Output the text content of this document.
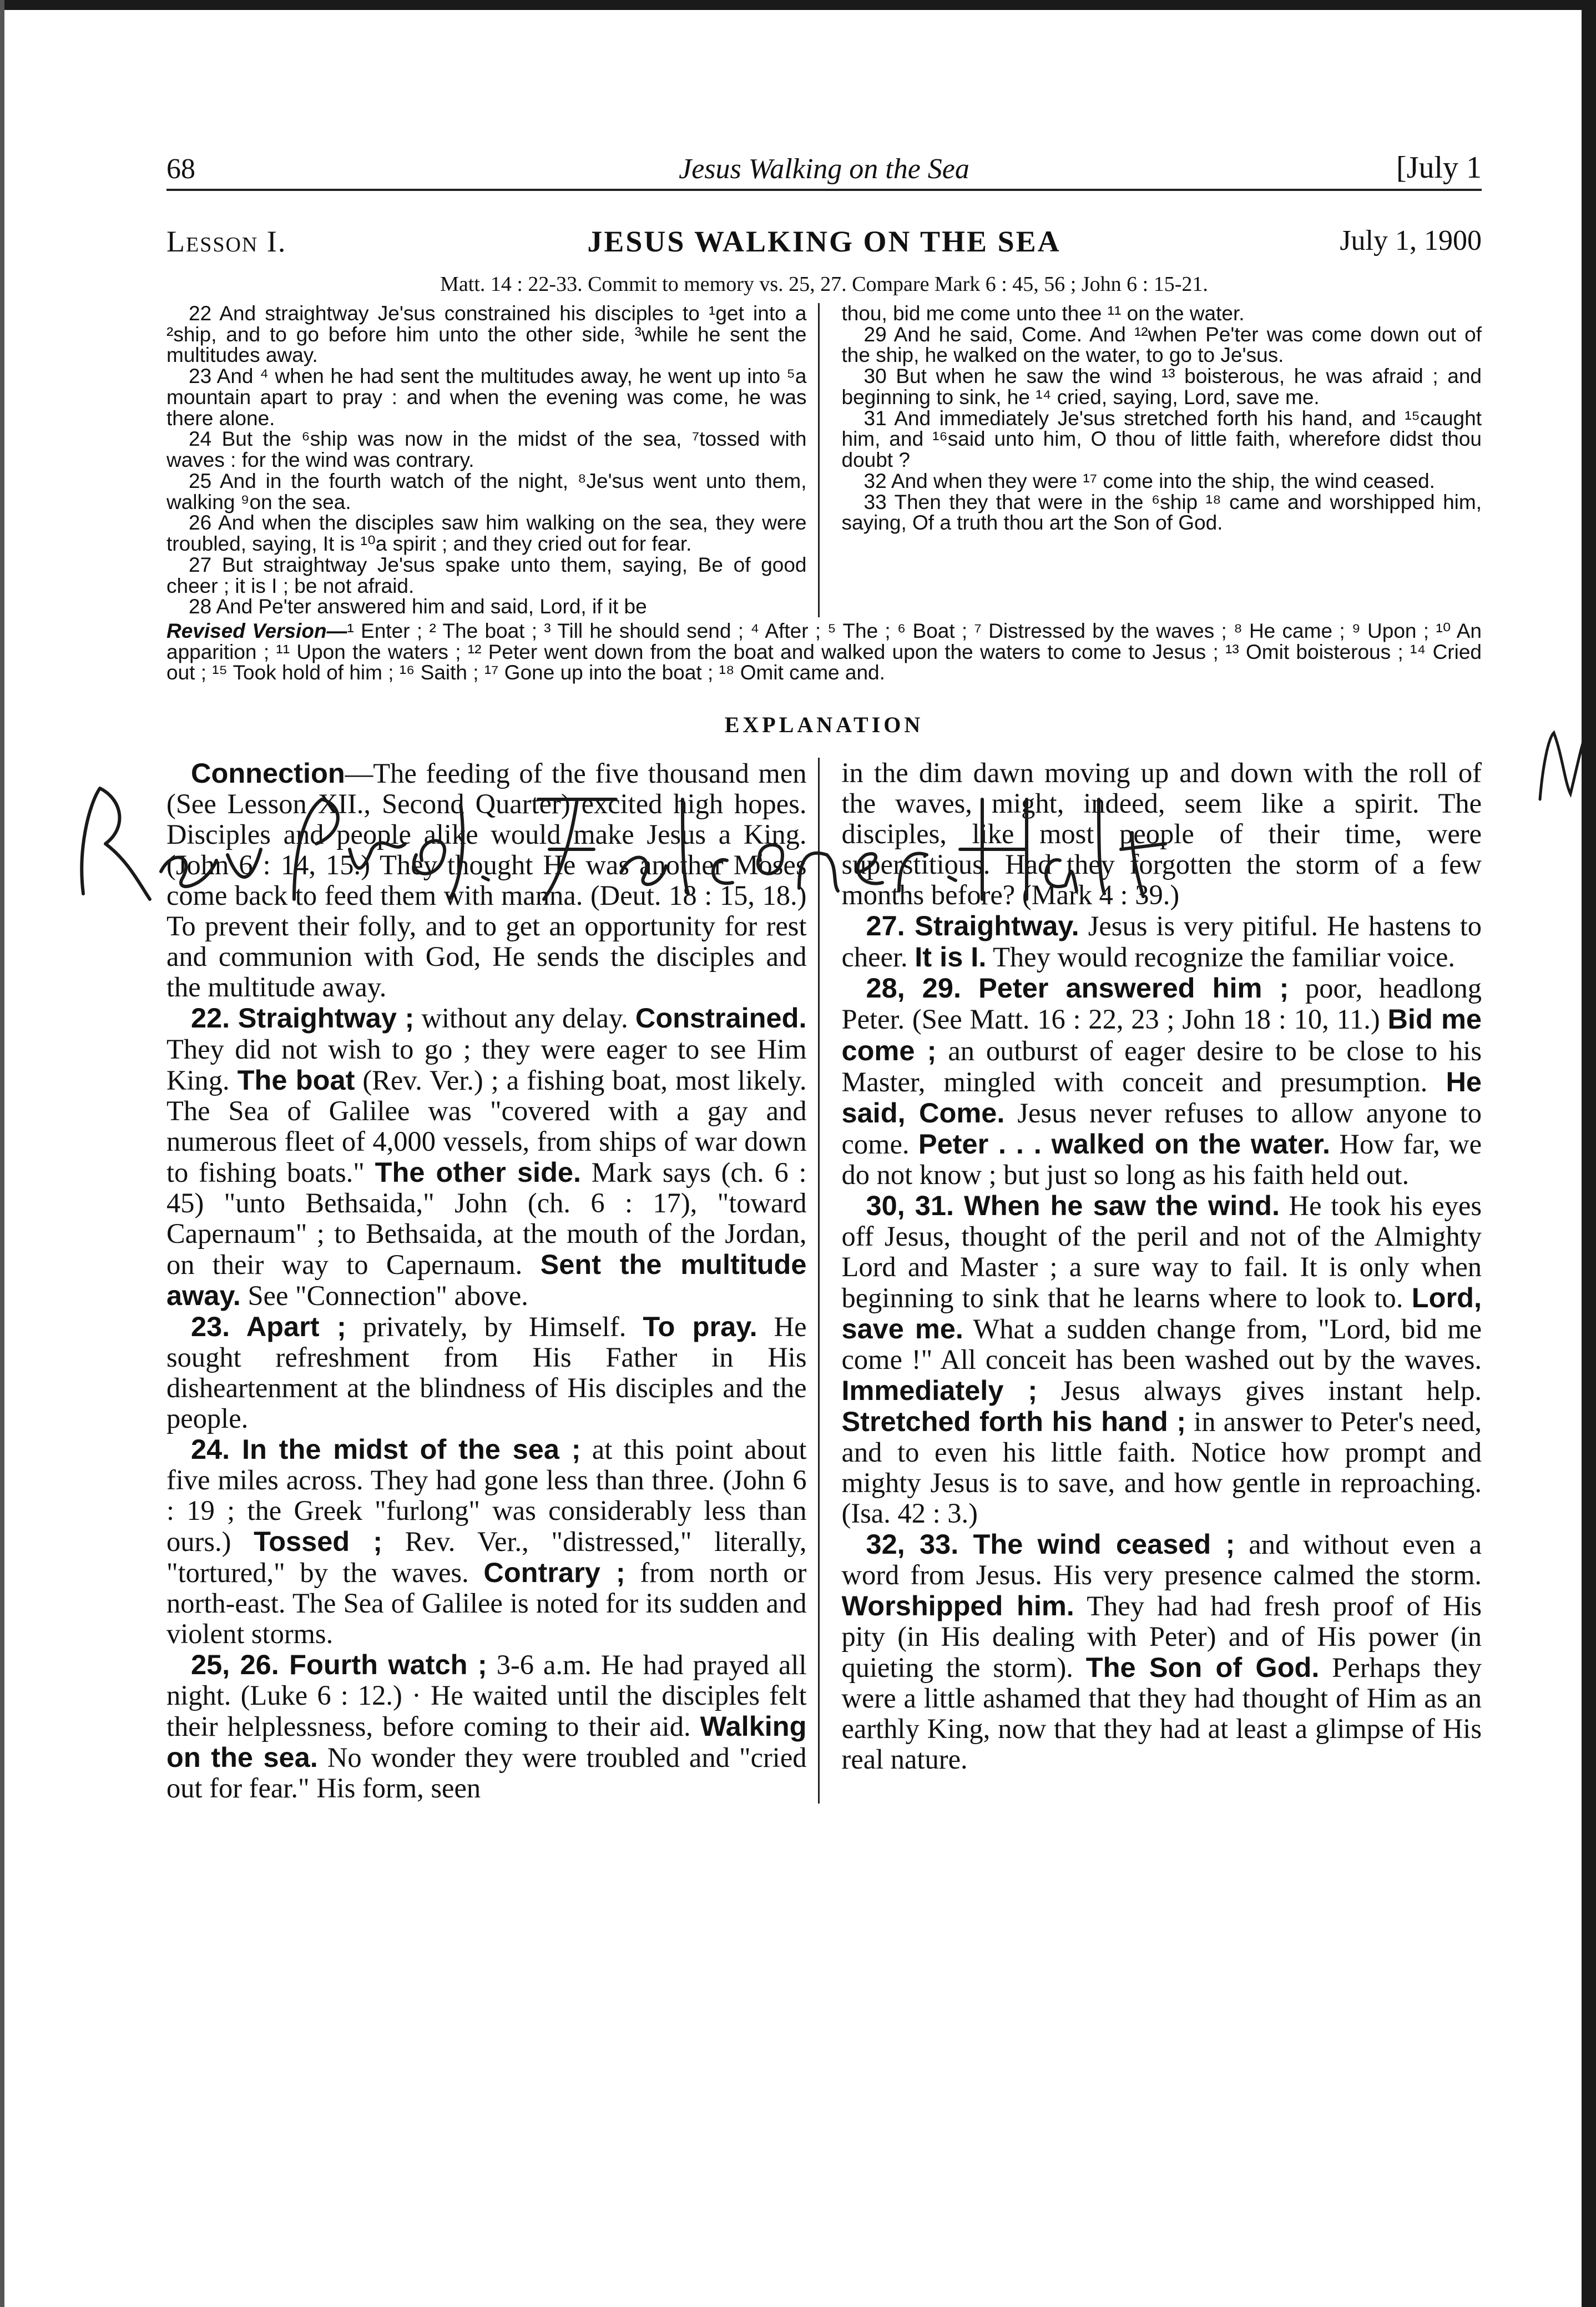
68	Jesus Walking on the Sea	[July 1
Lesson I.	JESUS WALKING ON THE SEA	July 1, 1900
Matt. 14 : 22-33. Commit to memory vs. 25, 27. Compare Mark 6 : 45, 56 ; John 6 : 15-21.

22 And straightway Je'sus constrained his disciples to ¹get into a ²ship, and to go before him unto the other side, ³while he sent the multitudes away.

23 And ⁴ when he had sent the multitudes away, he went up into ⁵a mountain apart to pray : and when the evening was come, he was there alone.

24 But the ⁶ship was now in the midst of the sea, ⁷tossed with waves : for the wind was contrary.

25 And in the fourth watch of the night, ⁸Je'sus went unto them, walking ⁹on the sea.

26 And when the disciples saw him walking on the sea, they were troubled, saying, It is ¹⁰a spirit ; and they cried out for fear.

27 But straightway Je'sus spake unto them, saying, Be of good cheer ; it is I ; be not afraid.

28 And Pe'ter answered him and said, Lord, if it be

thou, bid me come unto thee ¹¹ on the water.

29 And he said, Come. And ¹²when Pe'ter was come down out of the ship, he walked on the water, to go to Je'sus.

30 But when he saw the wind ¹³ boisterous, he was afraid ; and beginning to sink, he ¹⁴ cried, saying, Lord, save me.

31 And immediately Je'sus stretched forth his hand, and ¹⁵caught him, and ¹⁶said unto him, O thou of little faith, wherefore didst thou doubt ?

32 And when they were ¹⁷ come into the ship, the wind ceased.

33 Then they that were in the ⁶ship ¹⁸ came and worshipped him, saying, Of a truth thou art the Son of God.

Revised Version—¹ Enter ; ² The boat ; ³ Till he should send ; ⁴ After ; ⁵ The ; ⁶ Boat ; ⁷ Distressed by the waves ; ⁸ He came ; ⁹ Upon ; ¹⁰ An apparition ; ¹¹ Upon the waters ; ¹² Peter went down from the boat and walked upon the waters to come to Jesus ; ¹³ Omit boisterous ; ¹⁴ Cried out ; ¹⁵ Took hold of him ; ¹⁶ Saith ; ¹⁷ Gone up into the boat ; ¹⁸ Omit came and.
EXPLANATION

Connection—The feeding of the five thousand men (See Lesson XII., Second Quarter) excited high hopes. Disciples and people alike would make Jesus a King. (John 6 : 14, 15.) They thought He was another Moses come back to feed them with manna. (Deut. 18 : 15, 18.) To prevent their folly, and to get an opportunity for rest and communion with God, He sends the disciples and the multitude away.

22. Straightway ; without any delay. Constrained. They did not wish to go ; they were eager to see Him King. The boat (Rev. Ver.) ; a fishing boat, most likely. The Sea of Galilee was "covered with a gay and numerous fleet of 4,000 vessels, from ships of war down to fishing boats." The other side. Mark says (ch. 6 : 45) "unto Bethsaida," John (ch. 6 : 17), "toward Capernaum" ; to Bethsaida, at the mouth of the Jordan, on their way to Capernaum. Sent the multitude away. See "Connection" above.

23. Apart ; privately, by Himself. To pray. He sought refreshment from His Father in His disheartenment at the blindness of His disciples and the people.

24. In the midst of the sea ; at this point about five miles across. They had gone less than three. (John 6 : 19 ; the Greek "furlong" was considerably less than ours.) Tossed ; Rev. Ver., "distressed," literally, "tortured," by the waves. Contrary ; from north or north-east. The Sea of Galilee is noted for its sudden and violent storms.

25, 26. Fourth watch ; 3-6 a.m. He had prayed all night. (Luke 6 : 12.) · He waited until the disciples felt their helplessness, before coming to their aid. Walking on the sea. No wonder they were troubled and "cried out for fear." His form, seen

in the dim dawn moving up and down with the roll of the waves, might, indeed, seem like a spirit. The disciples, like most people of their time, were superstitious. Had they forgotten the storm of a few months before? (Mark 4 : 39.)

27. Straightway. Jesus is very pitiful. He hastens to cheer. It is I. They would recognize the familiar voice.

28, 29. Peter answered him ; poor, headlong Peter. (See Matt. 16 : 22, 23 ; John 18 : 10, 11.) Bid me come ; an outburst of eager desire to be close to his Master, mingled with conceit and presumption. He said, Come. Jesus never refuses to allow anyone to come. Peter . . . walked on the water. How far, we do not know ; but just so long as his faith held out.

30, 31. When he saw the wind. He took his eyes off Jesus, thought of the peril and not of the Almighty Lord and Master ; a sure way to fail. It is only when beginning to sink that he learns where to look to. Lord, save me. What a sudden change from, "Lord, bid me come !" All conceit has been washed out by the waves. Immediately ; Jesus always gives instant help. Stretched forth his hand ; in answer to Peter's need, and to even his little faith. Notice how prompt and mighty Jesus is to save, and how gentle in reproaching. (Isa. 42 : 3.)

32, 33. The wind ceased ; and without even a word from Jesus. His very presence calmed the storm. Worshipped him. They had had fresh proof of His pity (in His dealing with Peter) and of His power (in quieting the storm). The Son of God. Perhaps they were a little ashamed that they had thought of Him as an earthly King, now that they had at least a glimpse of His real nature.
